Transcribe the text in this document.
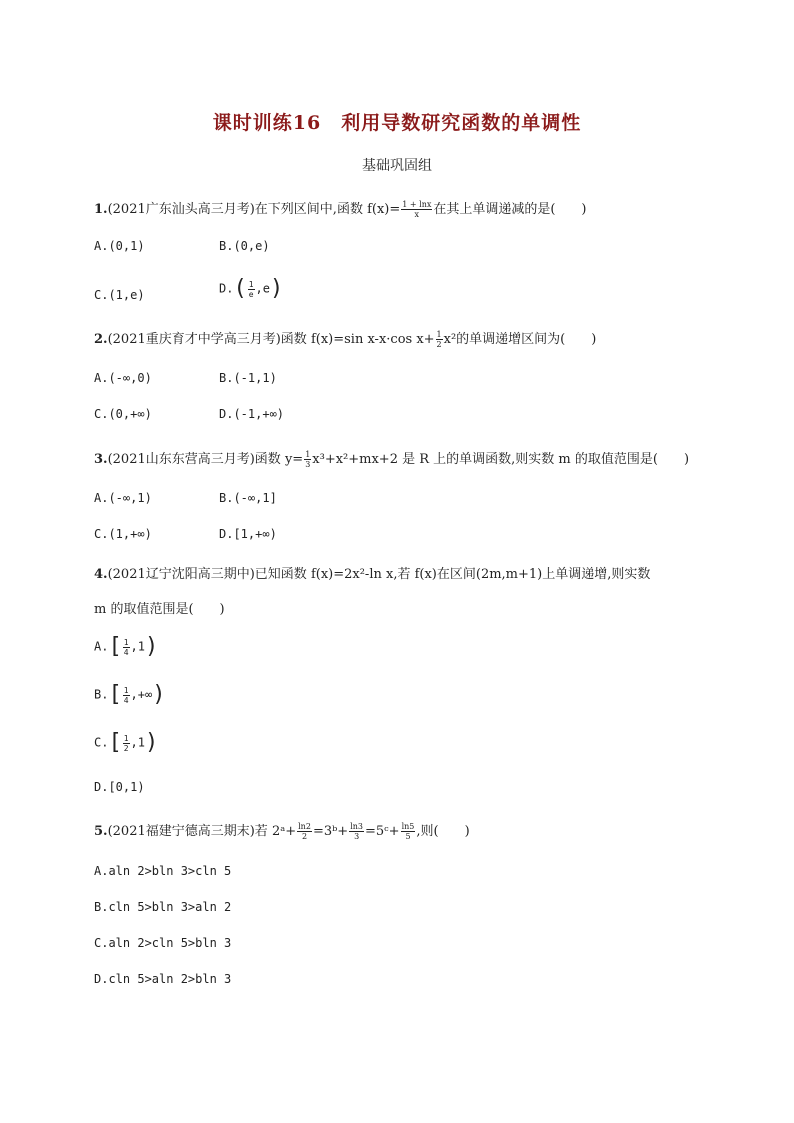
课时训练16　利用导数研究函数的单调性
基础巩固组
1.(2021广东汕头高三月考)在下列区间中,函数 $f(x)= \frac{1 + \ln x}{x}$ 在其上单调递减的是(　　)
A.(0,1)	B.(0,e)
C.(1,e)	$D.( \frac{1}{e} ,e)$
2.(2021重庆育才中学高三月考)函数 f(x)=sin x-x·cos $x+ \frac{1}{2} x^2$的单调递增区间为(　　)
A.(-∞,0)	B.(-1,1)
C.(0,+∞)	D.(-1,+∞)
3.(2021山东东营高三月考)函数 $y= \frac{1}{3} x^3+x^2+mx+2$ 是 R 上的单调函数,则实数 m 的取值范围是(　　)
A.(-∞,1)	B.(-∞,1]
C.(1,+∞)	D.[1,+∞)
4.(2021辽宁沈阳高三期中)已知函数 f(x)=2x²-ln x,若 f(x)在区间(2m,m+1)上单调递增,则实数
m 的取值范围是(　　)
$A.[ \frac{1}{4} ,1)$
$B.[ \frac{1}{4}$ ,+∞)
$C.[ \frac{1}{2} ,1)$
D.[0,1)
5.(2021福建宁德高三期末)若 2ᵃ+ $\frac{\ln 2}{2}$ =3ᵇ+ $\frac{\ln 3}{3}$ =5ᶜ+ $\frac{\ln 5}{5}$ ,则(　　)
A.aln 2>bln 3>cln 5
B.cln 5>bln 3>aln 2
C.aln 2>cln 5>bln 3
D.cln 5>aln 2>bln 3
